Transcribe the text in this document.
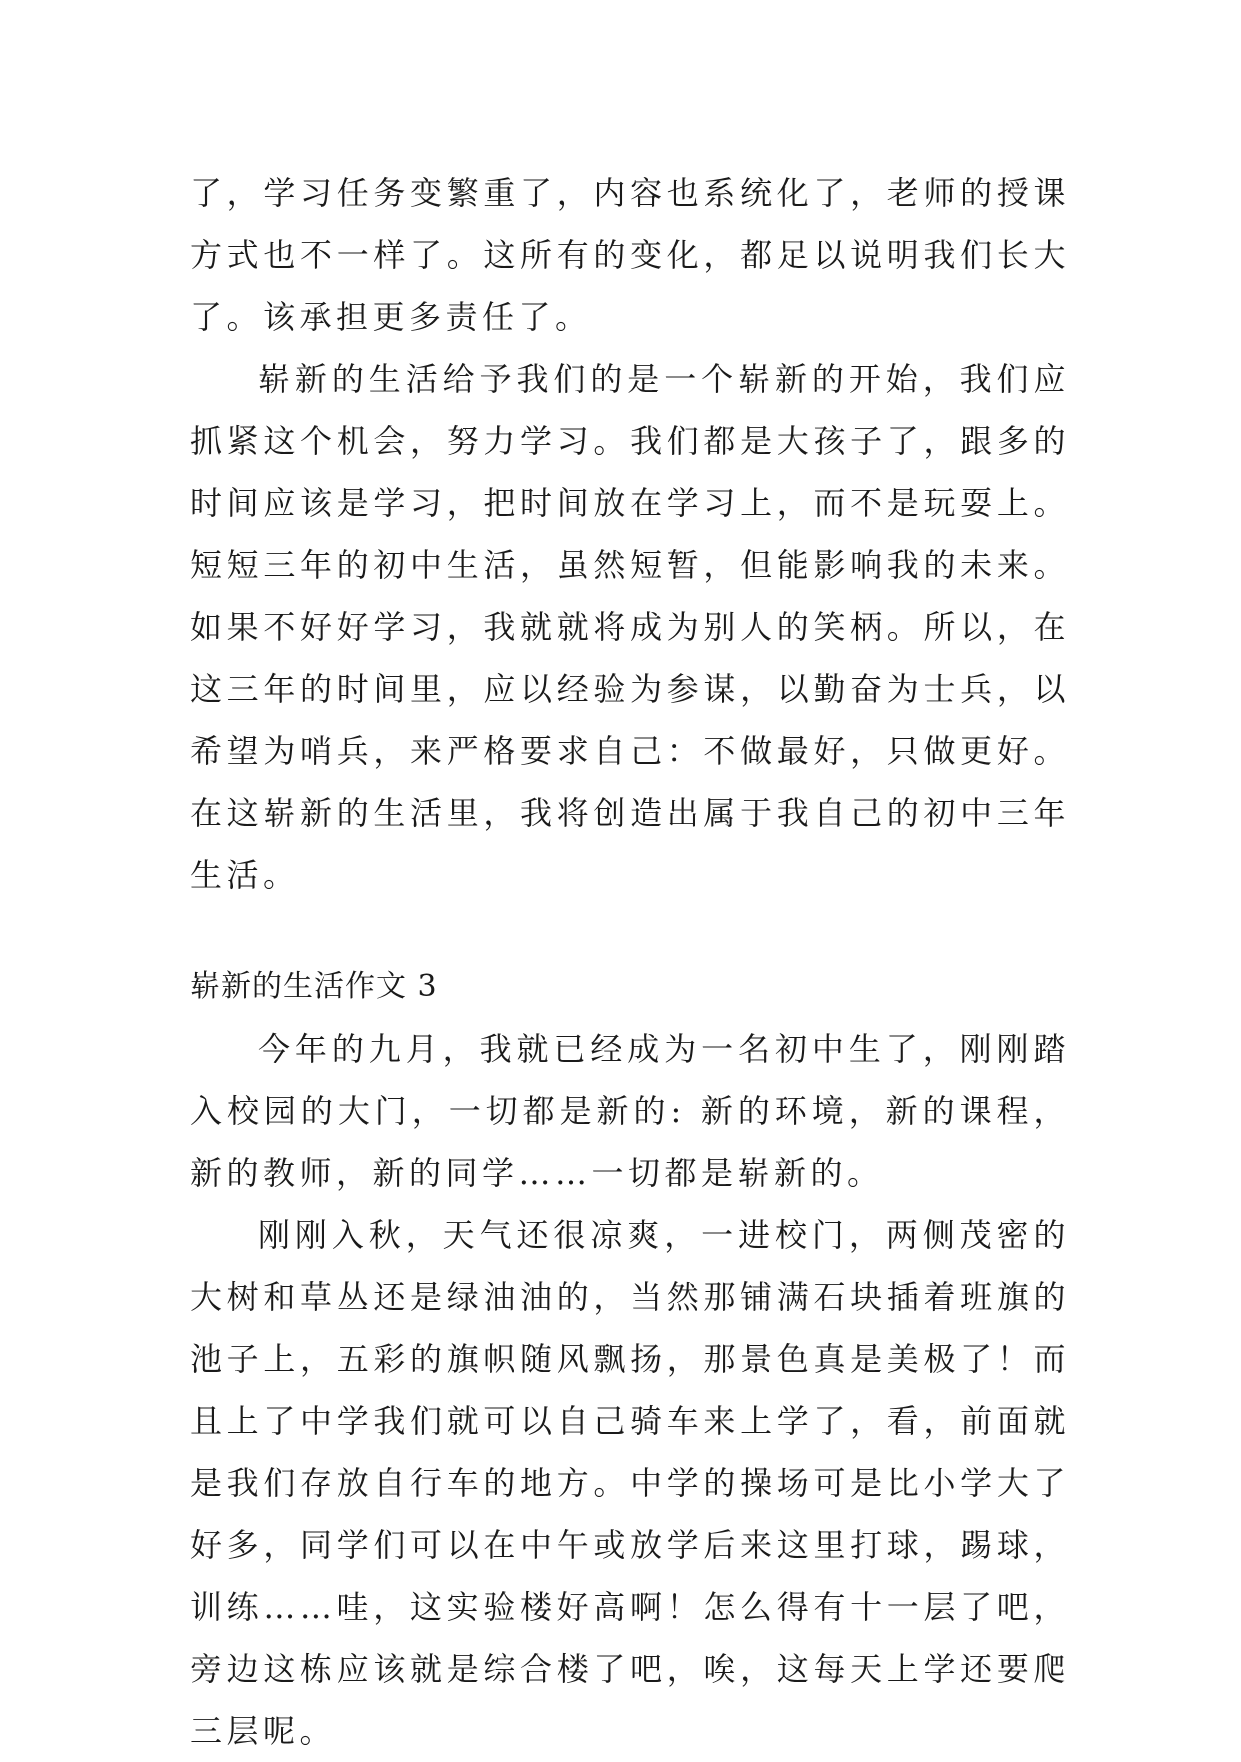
了，学习任务变繁重了，内容也系统化了，老师的授课方式也不一样了。这所有的变化，都足以说明我们长大了。该承担更多责任了。

崭新的生活给予我们的是一个崭新的开始，我们应抓紧这个机会，努力学习。我们都是大孩子了，跟多的时间应该是学习，把时间放在学习上，而不是玩耍上。短短三年的初中生活，虽然短暂，但能影响我的未来。如果不好好学习，我就就将成为别人的笑柄。所以，在这三年的时间里，应以经验为参谋，以勤奋为士兵，以希望为哨兵，来严格要求自己：不做最好，只做更好。在这崭新的生活里，我将创造出属于我自己的初中三年生活。

崭新的生活作文 3

今年的九月，我就已经成为一名初中生了，刚刚踏入校园的大门，一切都是新的: 新的环境，新的课程，新的教师，新的同学……一切都是崭新的。

刚刚入秋，天气还很凉爽，一进校门，两侧茂密的大树和草丛还是绿油油的，当然那铺满石块插着班旗的池子上，五彩的旗帜随风飘扬，那景色真是美极了！而且上了中学我们就可以自己骑车来上学了，看，前面就是我们存放自行车的地方。中学的操场可是比小学大了好多，同学们可以在中午或放学后来这里打球，踢球，训练……哇，这实验楼好高啊！怎么得有十一层了吧，旁边这栋应该就是综合楼了吧，唉，这每天上学还要爬三层呢。
